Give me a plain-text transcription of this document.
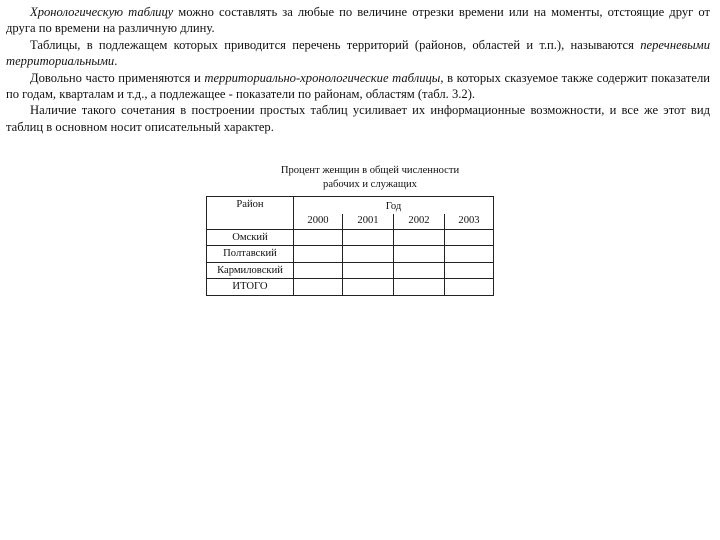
Хронологическую таблицу можно составлять за любые по величине отрезки времени или на моменты, отстоящие друг от друга по времени на различную длину.

Таблицы, в подлежащем которых приводится перечень территорий (районов, областей и т.п.), называются перечневыми территориальными.

Довольно часто применяются и территориально-хронологические таблицы, в которых сказуемое также содержит показатели по годам, кварталам и т.д., а подлежащее - показатели по районам, областям (табл. 3.2).

Наличие такого сочетания в построении простых таблиц усиливает их информационные возможности, и все же этот вид таблиц в основном носит описательный характер.

Процент женщин в общей численности
рабочих и служащих
Район	Год			
	2000	2001	2002	2003

Омский				

Полтавский				

Кармиловский				

ИТОГО				
